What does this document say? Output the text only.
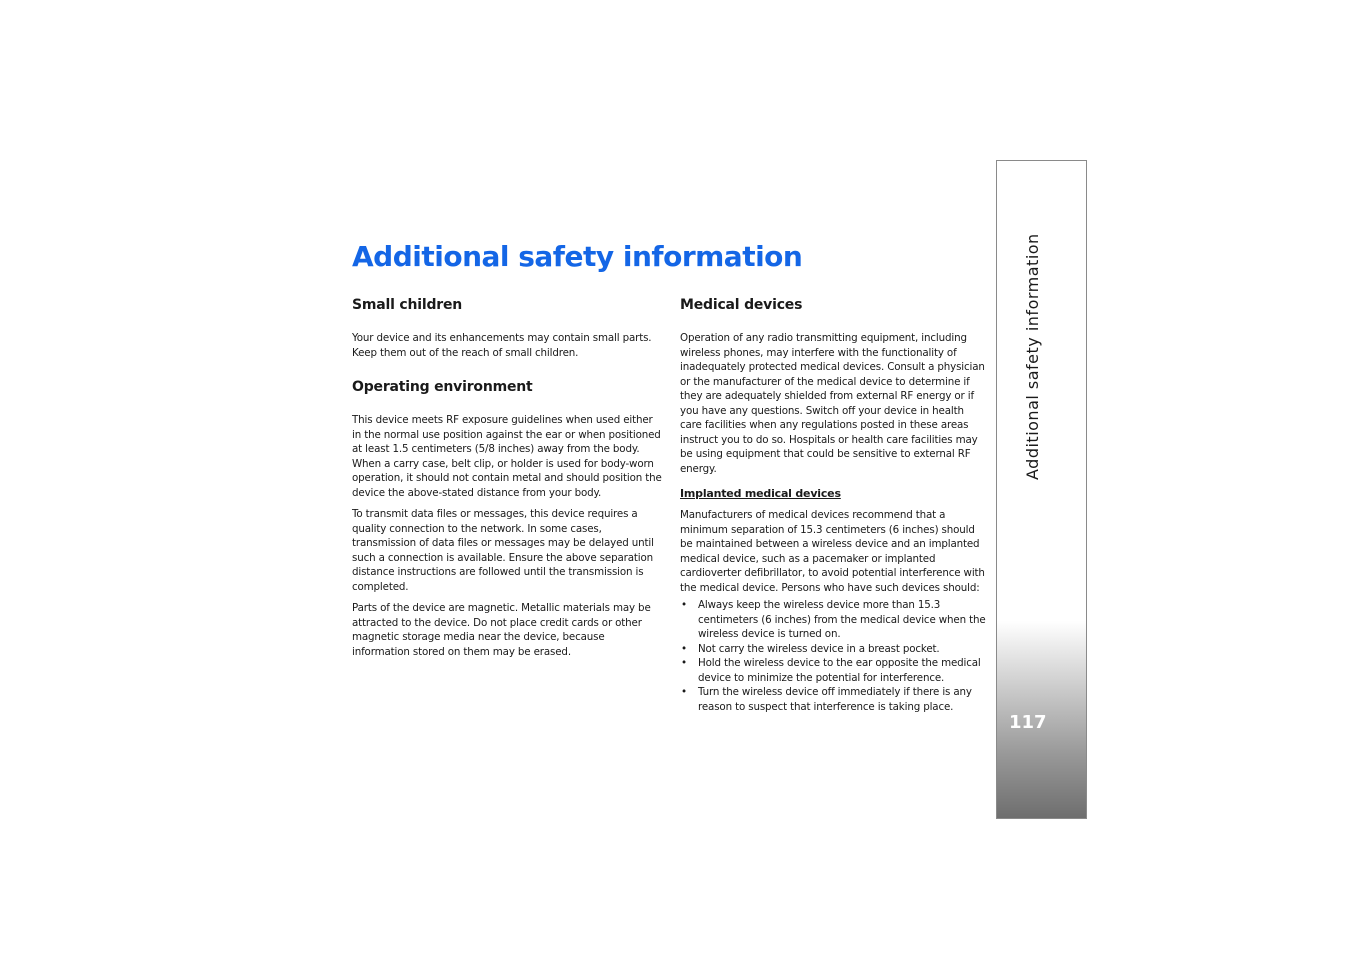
Additional safety information
Small children

Your device and its enhancements may contain small parts. Keep them out of the reach of small children.

Operating environment

This device meets RF exposure guidelines when used either in the normal use position against the ear or when positioned at least 1.5 centimeters (5/8 inches) away from the body. When a carry case, belt clip, or holder is used for body-worn operation, it should not contain metal and should position the device the above-stated distance from your body.

To transmit data files or messages, this device requires a quality connection to the network. In some cases, transmission of data files or messages may be delayed until such a connection is available. Ensure the above separation distance instructions are followed until the transmission is completed.

Parts of the device are magnetic. Metallic materials may be attracted to the device. Do not place credit cards or other magnetic storage media near the device, because information stored on them may be erased.

Medical devices

Operation of any radio transmitting equipment, including wireless phones, may interfere with the functionality of inadequately protected medical devices. Consult a physician or the manufacturer of the medical device to determine if they are adequately shielded from external RF energy or if you have any questions. Switch off your device in health care facilities when any regulations posted in these areas instruct you to do so. Hospitals or health care facilities may be using equipment that could be sensitive to external RF energy.

Implanted medical devices

Manufacturers of medical devices recommend that a minimum separation of 15.3 centimeters (6 inches) should be maintained between a wireless device and an implanted medical device, such as a pacemaker or implanted cardioverter defibrillator, to avoid potential interference with the medical device. Persons who have such devices should:

• Always keep the wireless device more than 15.3 centimeters (6 inches) from the medical device when the wireless device is turned on.
• Not carry the wireless device in a breast pocket.
• Hold the wireless device to the ear opposite the medical device to minimize the potential for interference.
• Turn the wireless device off immediately if there is any reason to suspect that interference is taking place.
Additional safety information
117
